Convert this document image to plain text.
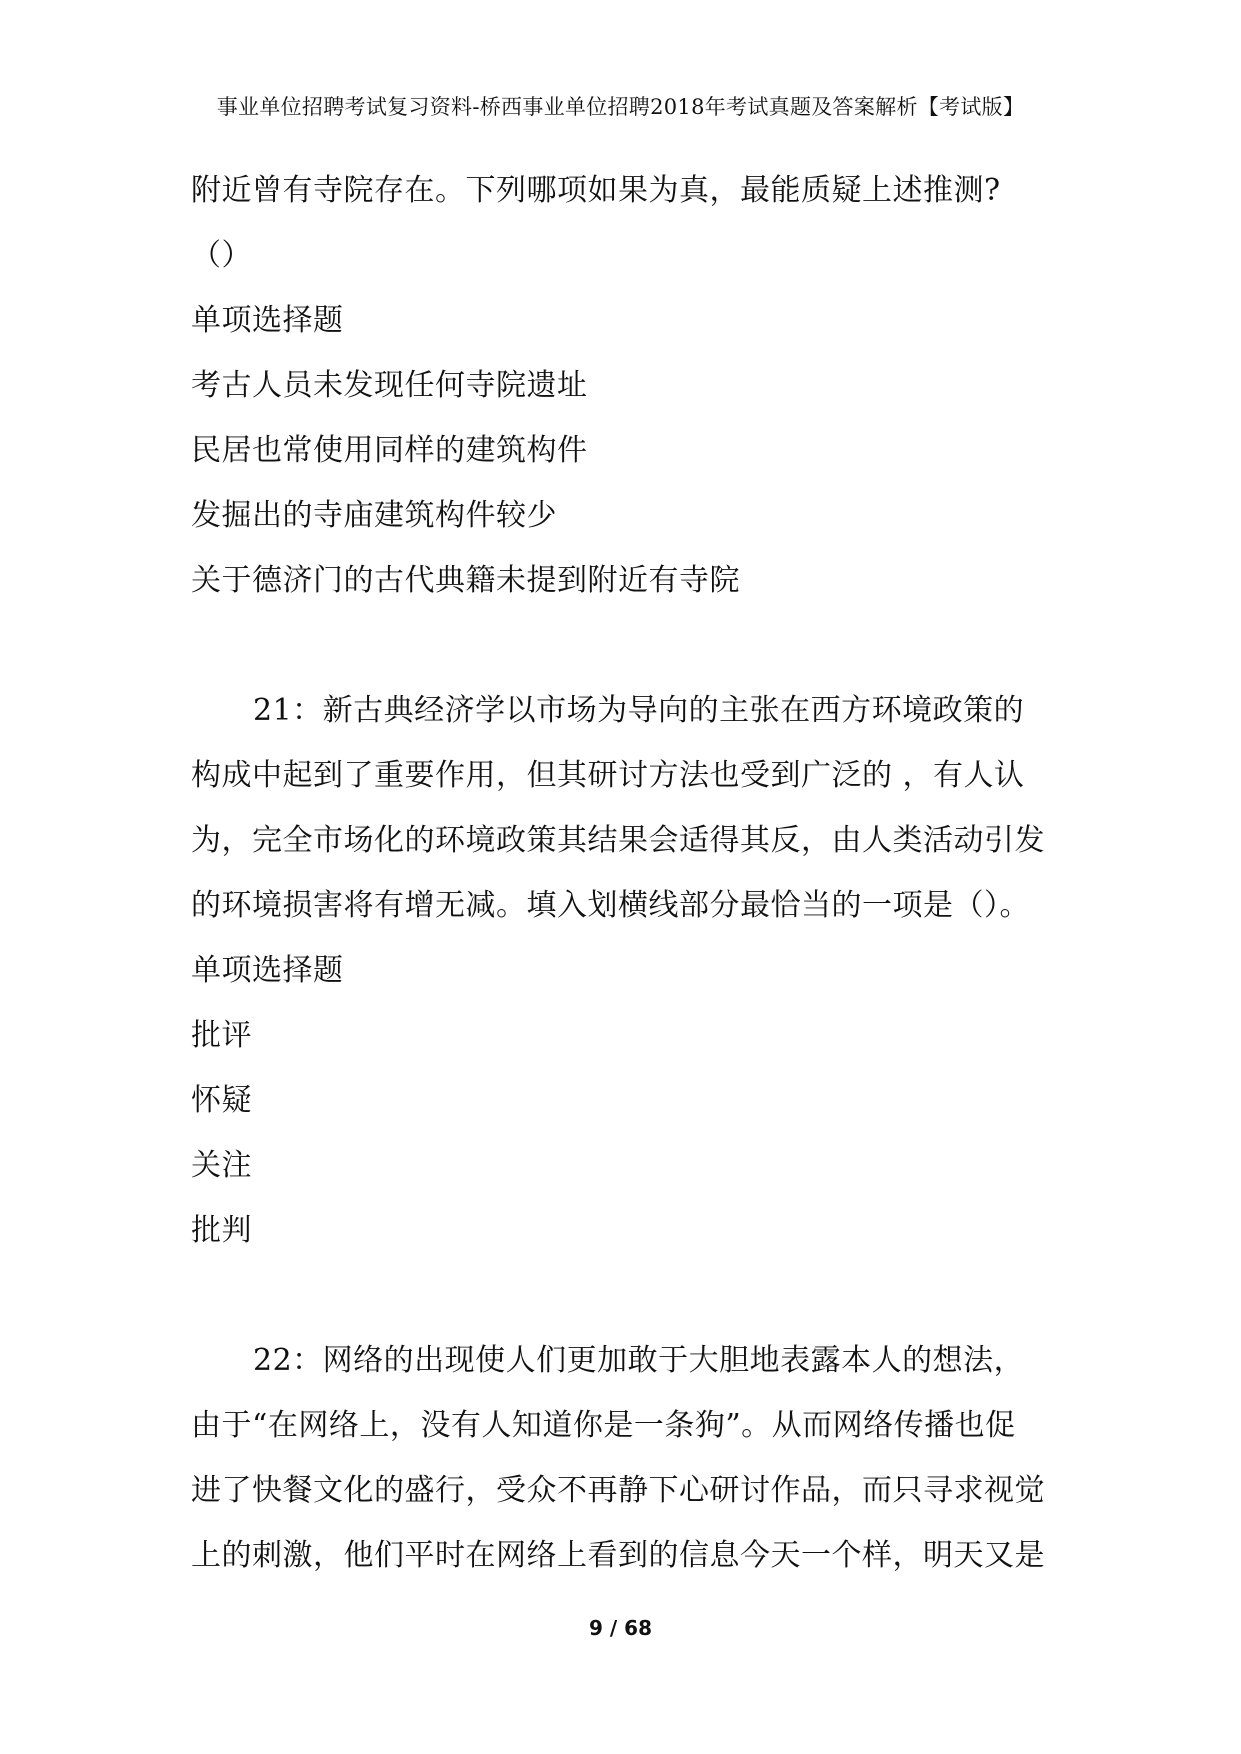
事业单位招聘考试复习资料-桥西事业单位招聘2018年考试真题及答案解析【考试版】
附近曾有寺院存在。下列哪项如果为真，最能质疑上述推测?
（）
单项选择题
考古人员未发现任何寺院遗址
民居也常使用同样的建筑构件
发掘出的寺庙建筑构件较少
关于德济门的古代典籍未提到附近有寺院
21：新古典经济学以市场为导向的主张在西方环境政策的
构成中起到了重要作用，但其研讨方法也受到广泛的 ，有人认
为，完全市场化的环境政策其结果会适得其反，由人类活动引发
的环境损害将有增无减。填入划横线部分最恰当的一项是（）。
单项选择题
批评
怀疑
关注
批判
22：网络的出现使人们更加敢于大胆地表露本人的想法，
由于“在网络上，没有人知道你是一条狗”。从而网络传播也促
进了快餐文化的盛行，受众不再静下心研讨作品，而只寻求视觉
上的刺激，他们平时在网络上看到的信息今天一个样，明天又是
9 / 68
